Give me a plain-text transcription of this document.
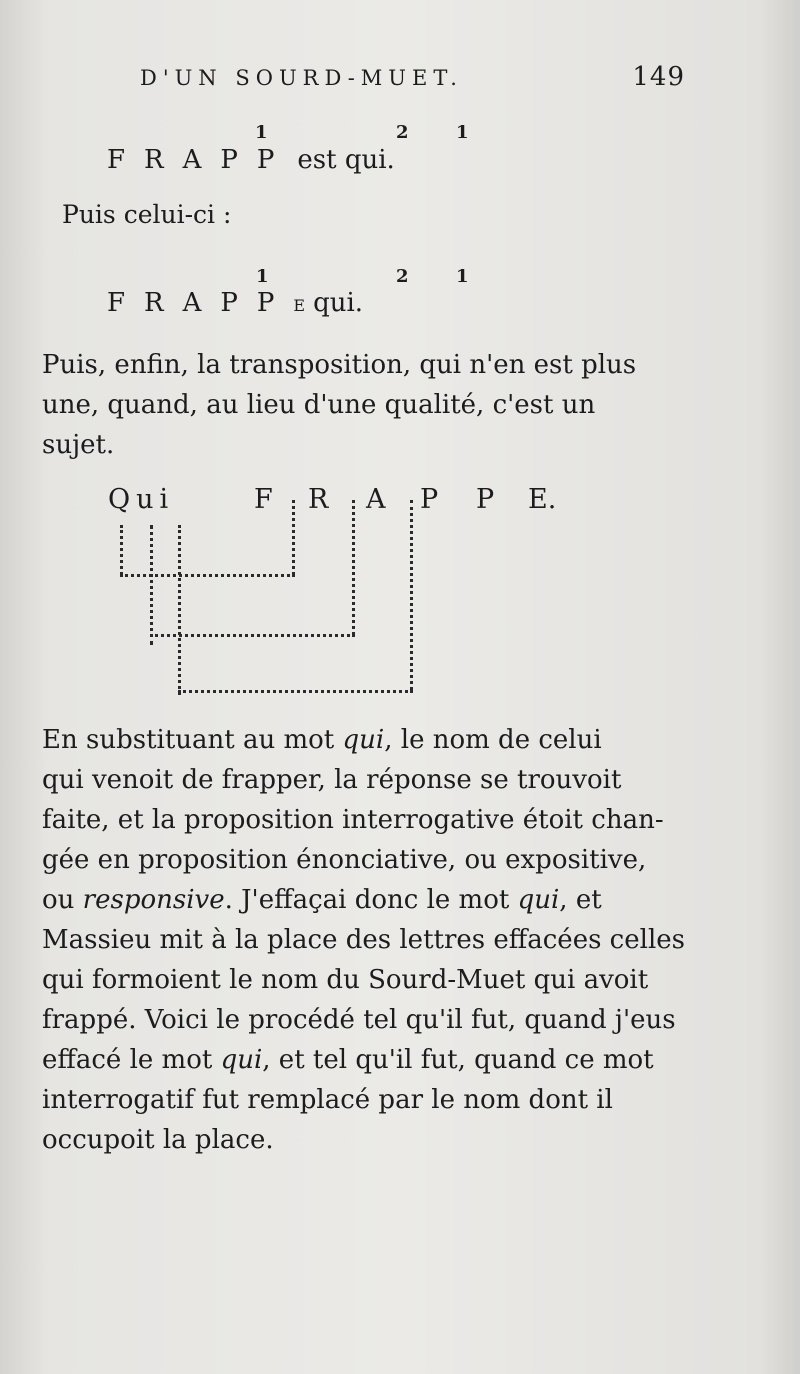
D'UN SOURD-MUET.	149
1	2	1
FRAPP est qui.
Puis celui-ci :
1	2	1
FRAPPE qui.
Puis, enfin, la transposition, qui n'en est plus
une, quand, au lieu d'une qualité, c'est un
sujet.
Qui	F R A P P E.
En substituant au mot qui, le nom de celui
qui venoit de frapper, la réponse se trouvoit
faite, et la proposition interrogative étoit chan-
gée en proposition énonciative, ou expositive,
ou responsive. J'effaçai donc le mot qui, et
Massieu mit à la place des lettres effacées celles
qui formoient le nom du Sourd-Muet qui avoit
frappé. Voici le procédé tel qu'il fut, quand j'eus
effacé le mot qui, et tel qu'il fut, quand ce mot
interrogatif fut remplacé par le nom dont il
occupoit la place.
